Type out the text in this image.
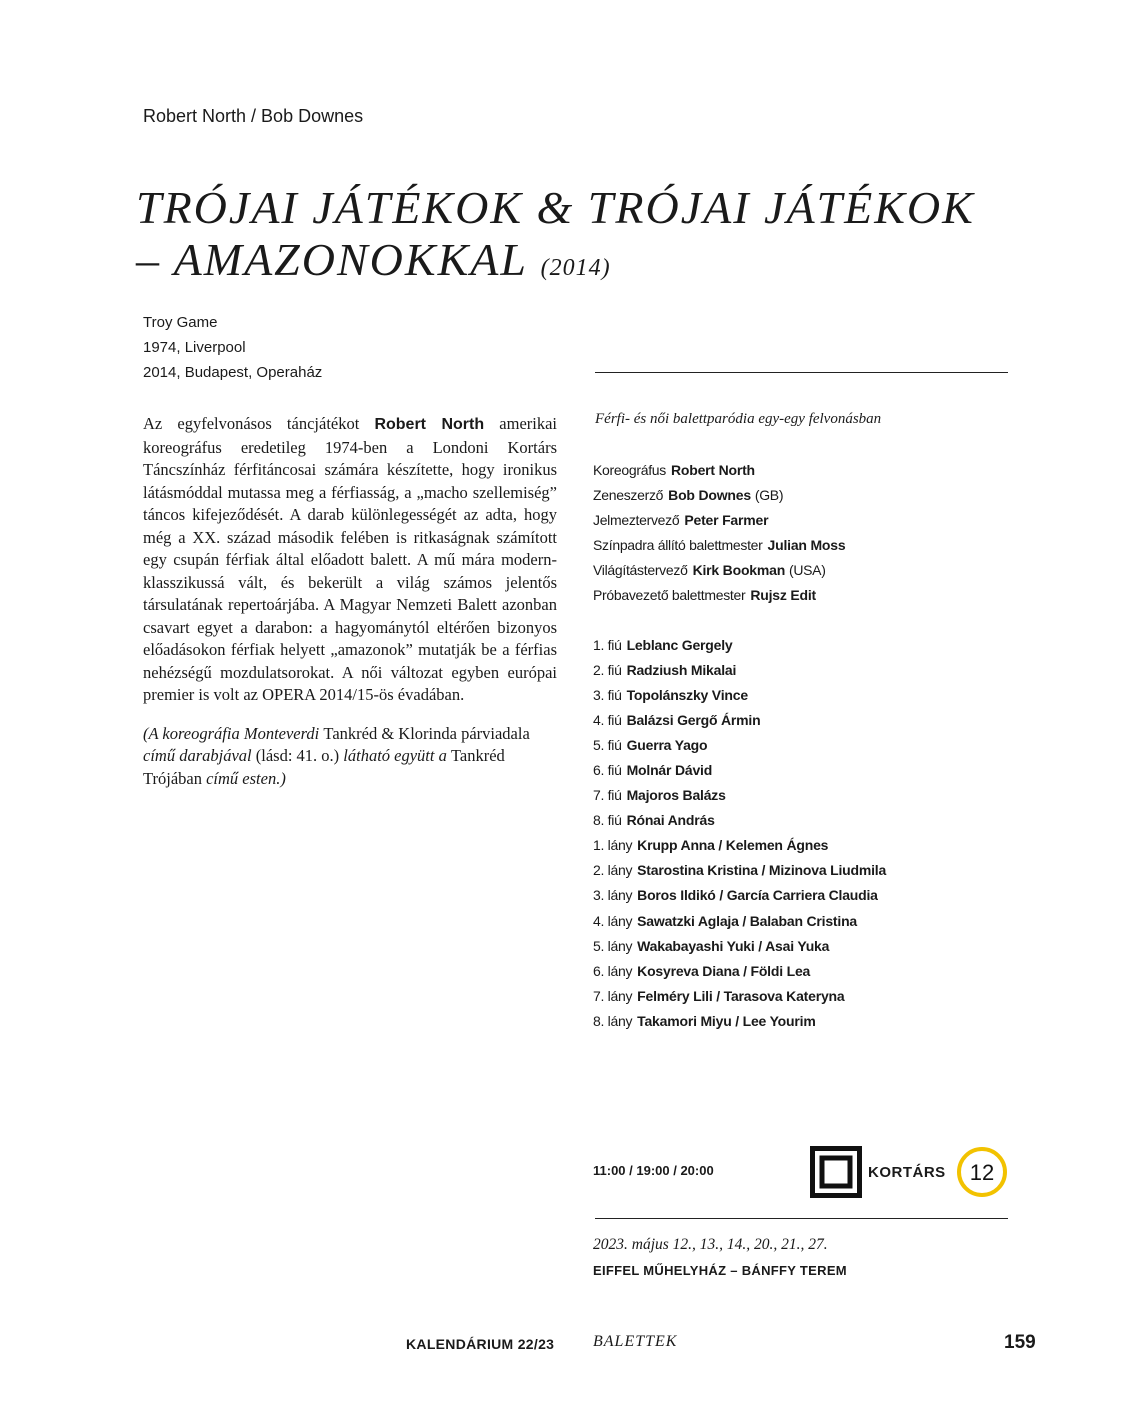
Robert North / Bob Downes
TRÓJAI JÁTÉKOK & TRÓJAI JÁTÉKOK
– AMAZONOKKAL (2014)
Troy Game
1974, Liverpool
2014, Budapest, Operaház

Az egyfelvonásos táncjátékot Robert North amerikai koreográfus eredetileg 1974-ben a Londoni Kortárs Táncszínház férfitáncosai számára készítette, hogy ironikus látásmóddal mutassa meg a férfiasság, a „macho szellemiség” táncos kifejeződését. A darab különlegességét az adta, hogy még a XX. század második felében is ritkaságnak számított egy csupán férfiak által előadott balett. A mű mára modern-klasszikussá vált, és bekerült a világ számos jelentős társulatának repertoárjába. A Magyar Nemzeti Balett azonban csavart egyet a darabon: a hagyománytól eltérően bizonyos előadásokon férfiak helyett „amazonok” mutatják be a férfias nehézségű mozdulatsorokat. A női változat egyben európai premier is volt az OPERA 2014/15-ös évadában.

(A koreográfia Monteverdi Tankréd & Klorinda párviadala című darabjával (lásd: 41. o.) látható együtt a Tankréd Trójában című esten.)

Férfi- és női balettparódia egy-egy felvonásban
Koreográfus Robert North
Zeneszerző Bob Downes (GB)
Jelmeztervező Peter Farmer
Színpadra állító balettmester Julian Moss
Világítástervező Kirk Bookman (USA)
Próbavezető balettmester Rujsz Edit
1. fiú Leblanc Gergely
2. fiú Radziush Mikalai
3. fiú Topolánszky Vince
4. fiú Balázsi Gergő Ármin
5. fiú Guerra Yago
6. fiú Molnár Dávid
7. fiú Majoros Balázs
8. fiú Rónai András
1. lány Krupp Anna / Kelemen Ágnes
2. lány Starostina Kristina / Mizinova Liudmila
3. lány Boros Ildikó / García Carriera Claudia
4. lány Sawatzki Aglaja / Balaban Cristina
5. lány Wakabayashi Yuki / Asai Yuka
6. lány Kosyreva Diana / Földi Lea
7. lány Felméry Lili / Tarasova Kateryna
8. lány Takamori Miyu / Lee Yourim
11:00 / 19:00 / 20:00	KORTÁRS 12
2023. május 12., 13., 14., 20., 21., 27.
EIFFEL MŰHELYHÁZ – BÁNFFY TEREM
KALENDÁRIUM 22/23 BALETTEK	159
